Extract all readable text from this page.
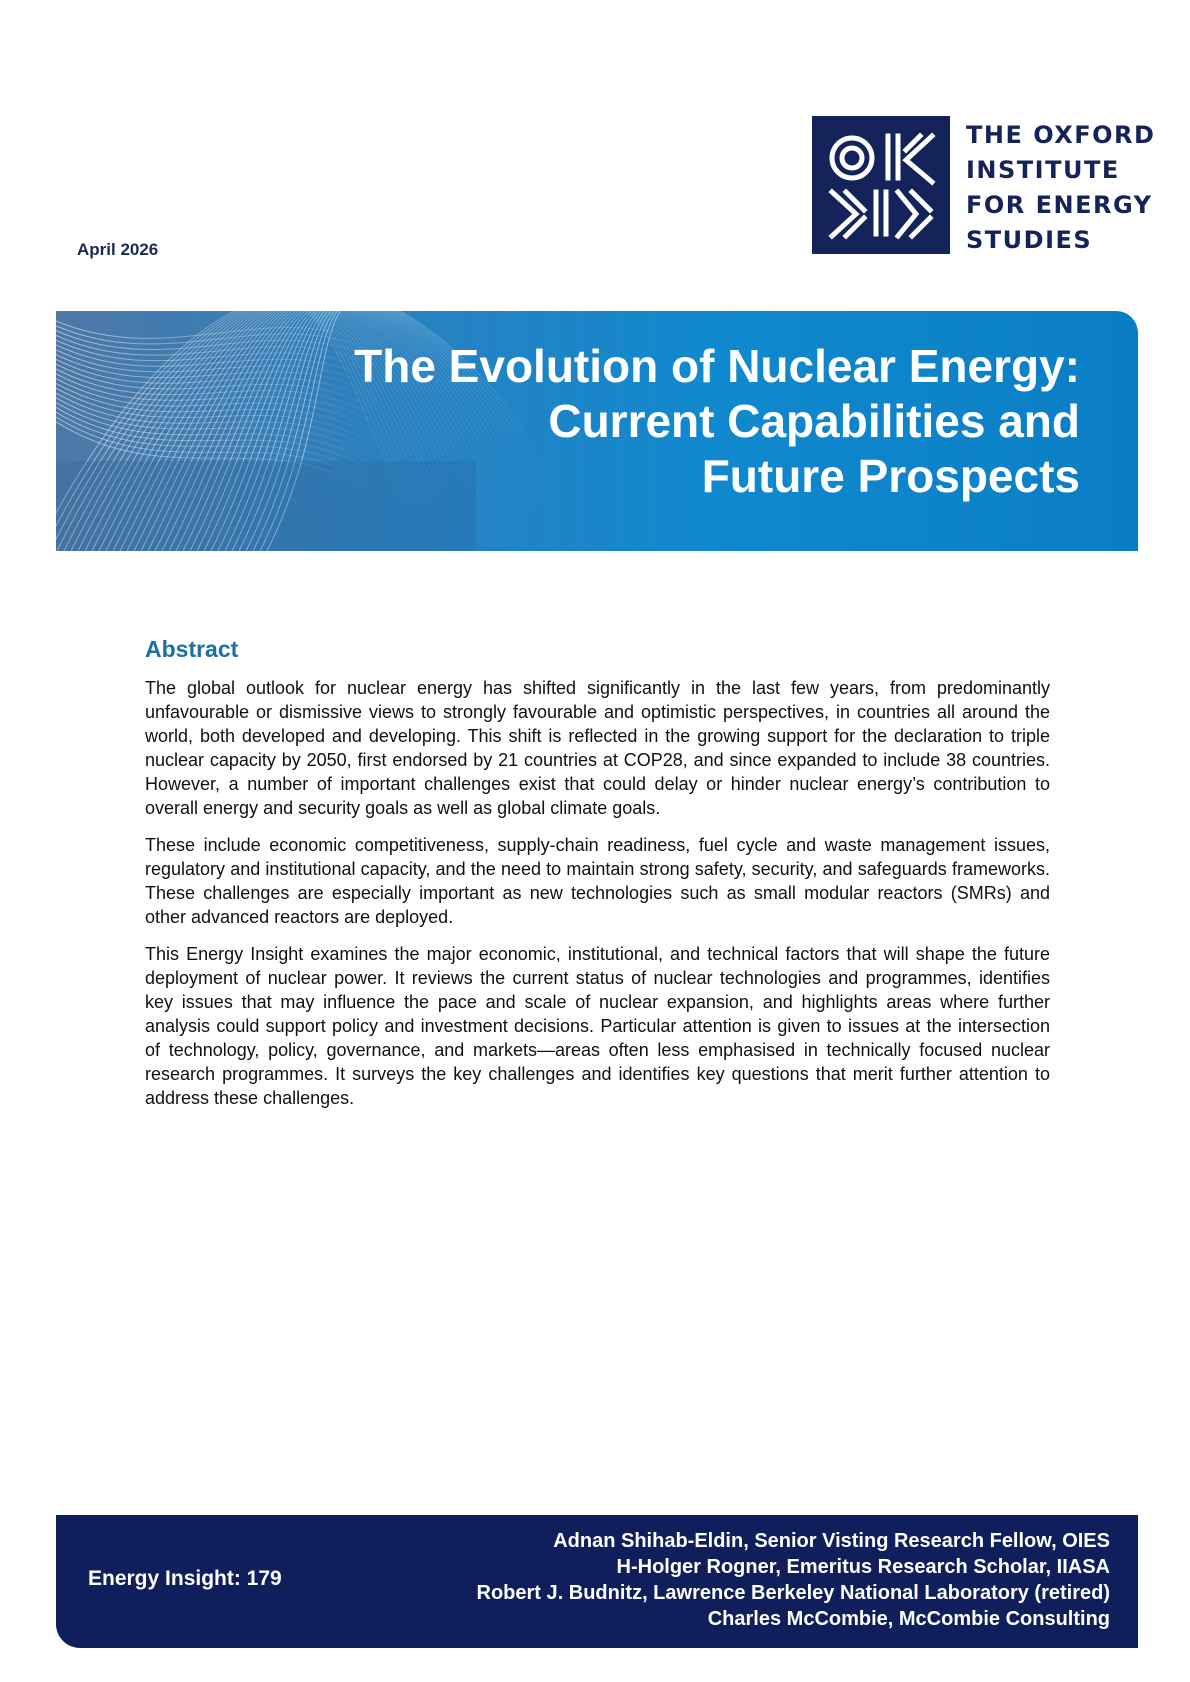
April 2026
THE OXFORD
INSTITUTE
FOR ENERGY
STUDIES
The Evolution of Nuclear Energy:
Current Capabilities and
Future Prospects
Abstract

The global outlook for nuclear energy has shifted significantly in the last few years, from predominantly unfavourable or dismissive views to strongly favourable and optimistic perspectives, in countries all around the world, both developed and developing. This shift is reflected in the growing support for the declaration to triple nuclear capacity by 2050, first endorsed by 21 countries at COP28, and since expanded to include 38 countries. However, a number of important challenges exist that could delay or hinder nuclear energy’s contribution to overall energy and security goals as well as global climate goals.

These include economic competitiveness, supply-chain readiness, fuel cycle and waste management issues, regulatory and institutional capacity, and the need to maintain strong safety, security, and safeguards frameworks. These challenges are especially important as new technologies such as small modular reactors (SMRs) and other advanced reactors are deployed.

This Energy Insight examines the major economic, institutional, and technical factors that will shape the future deployment of nuclear power. It reviews the current status of nuclear technologies and programmes, identifies key issues that may influence the pace and scale of nuclear expansion, and highlights areas where further analysis could support policy and investment decisions. Particular attention is given to issues at the intersection of technology, policy, governance, and markets—areas often less emphasised in technically focused nuclear research programmes. It surveys the key challenges and identifies key questions that merit further attention to address these challenges.

Energy Insight: 179
Adnan Shihab-Eldin, Senior Visting Research Fellow, OIES
H-Holger Rogner, Emeritus Research Scholar, IIASA
Robert J. Budnitz, Lawrence Berkeley National Laboratory (retired)
Charles McCombie, McCombie Consulting
